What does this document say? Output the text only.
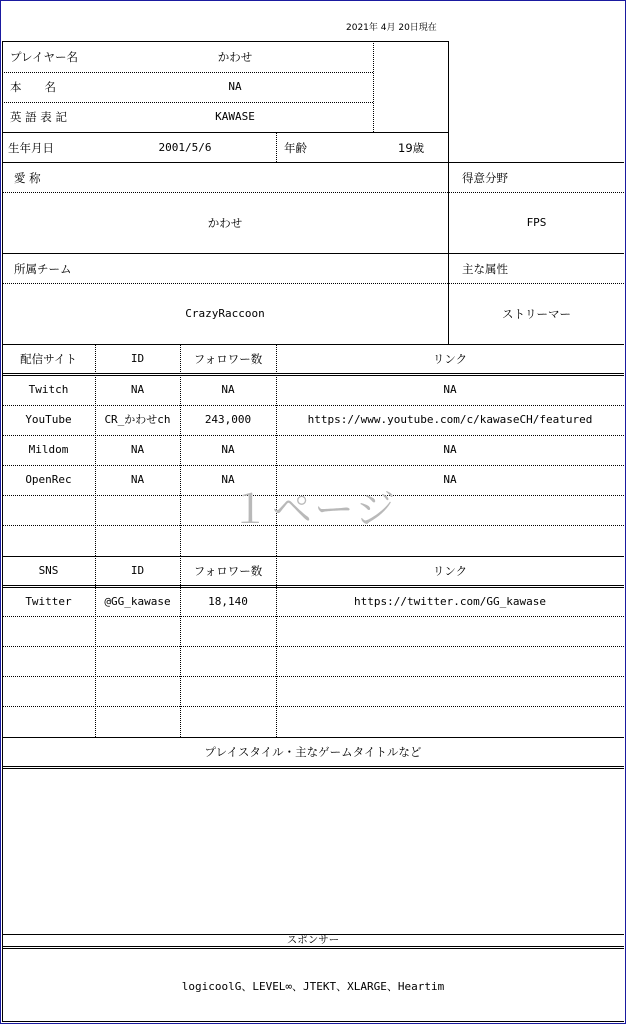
2021年 4月 20日現在
プレイヤー名	かわせ
本　　名	NA
英 語 表 記	KAWASE
生年月日	2001/5/6	年齢	19歳
愛 称
かわせ
得意分野
FPS
所属チーム
CrazyRaccoon
主な属性
ストリーマー
配信サイト	ID	フォロワー数	リンク
Twitch	NA	NA	NA
YouTube	CR_かわせch	243,000	https://www.youtube.com/c/kawaseCH/featured
Mildom	NA	NA	NA
OpenRec	NA	NA	NA
SNS	ID	フォロワー数	リンク
Twitter	@GG_kawase	18,140	https://twitter.com/GG_kawase
プレイスタイル・主なゲームタイトルなど
スポンサー
logicoolG、LEVEL∞、JTEKT、XLARGE、Heartim
１ページ
